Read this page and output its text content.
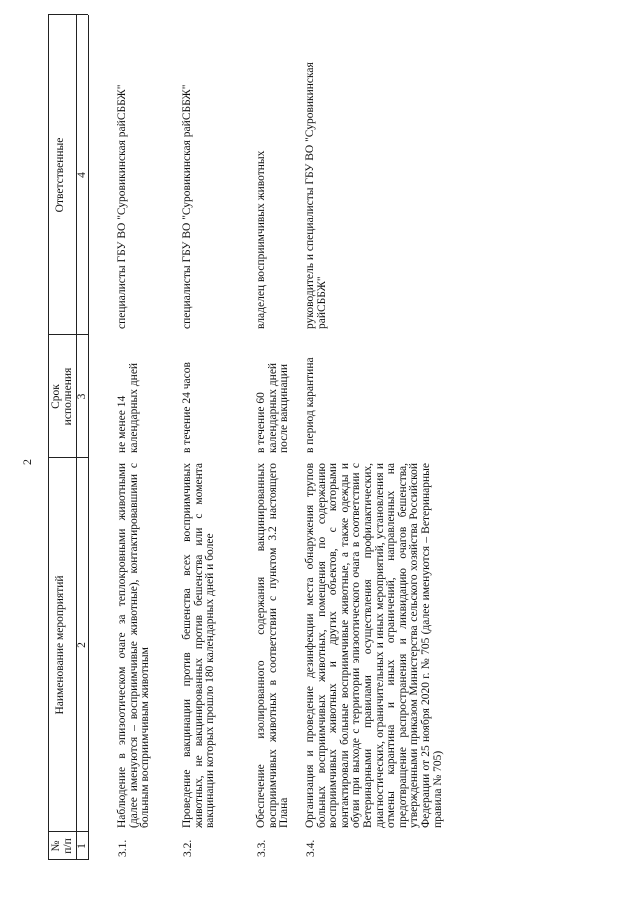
2
№
п/п
Наименование мероприятий
Срок
исполнения
Ответственные
1
2
3
4
3.1.
Наблюдение в эпизоотическом очаге за теплокровными животными (далее именуются – восприимчивые животные), контактировавшими с больным восприимчивым животным
не менее 14 календарных дней
специалисты ГБУ ВО "Суровикинская райСББЖ"
3.2.
Проведение вакцинации против бешенства всех восприимчивых животных, не вакцинированных против бешенства или с момента вакцинации которых прошло 180 календарных дней и более
в течение 24 часов
специалисты ГБУ ВО "Суровикинская райСББЖ"
3.3.
Обеспечение изолированного содержания вакцинированных восприимчивых животных в соответствии с пунктом 3.2 настоящего Плана
в течение 60 календарных дней после вакцинации
владелец восприимчивых животных
3.4.
Организация и проведение дезинфекции места обнаружения трупов больных восприимчивых животных, помещения по содержанию восприимчивых животных и других объектов, с которыми контактировали больные восприимчивые животные, а также одежды и обуви при выходе с территории эпизоотического очага в соответствии с Ветеринарными правилами осуществления профилактических, диагностических, ограничительных и иных мероприятий, установления и отмены карантина и иных ограничений, направленных на предотвращение распространения и ликвидацию очагов бешенства, утвержденными приказом Министерства сельского хозяйства Российской Федерации от 25 ноября 2020 г. № 705 (далее именуются – Ветеринарные правила № 705)
в период карантина
руководитель и специалисты ГБУ ВО "Суровикинская райСББЖ"
